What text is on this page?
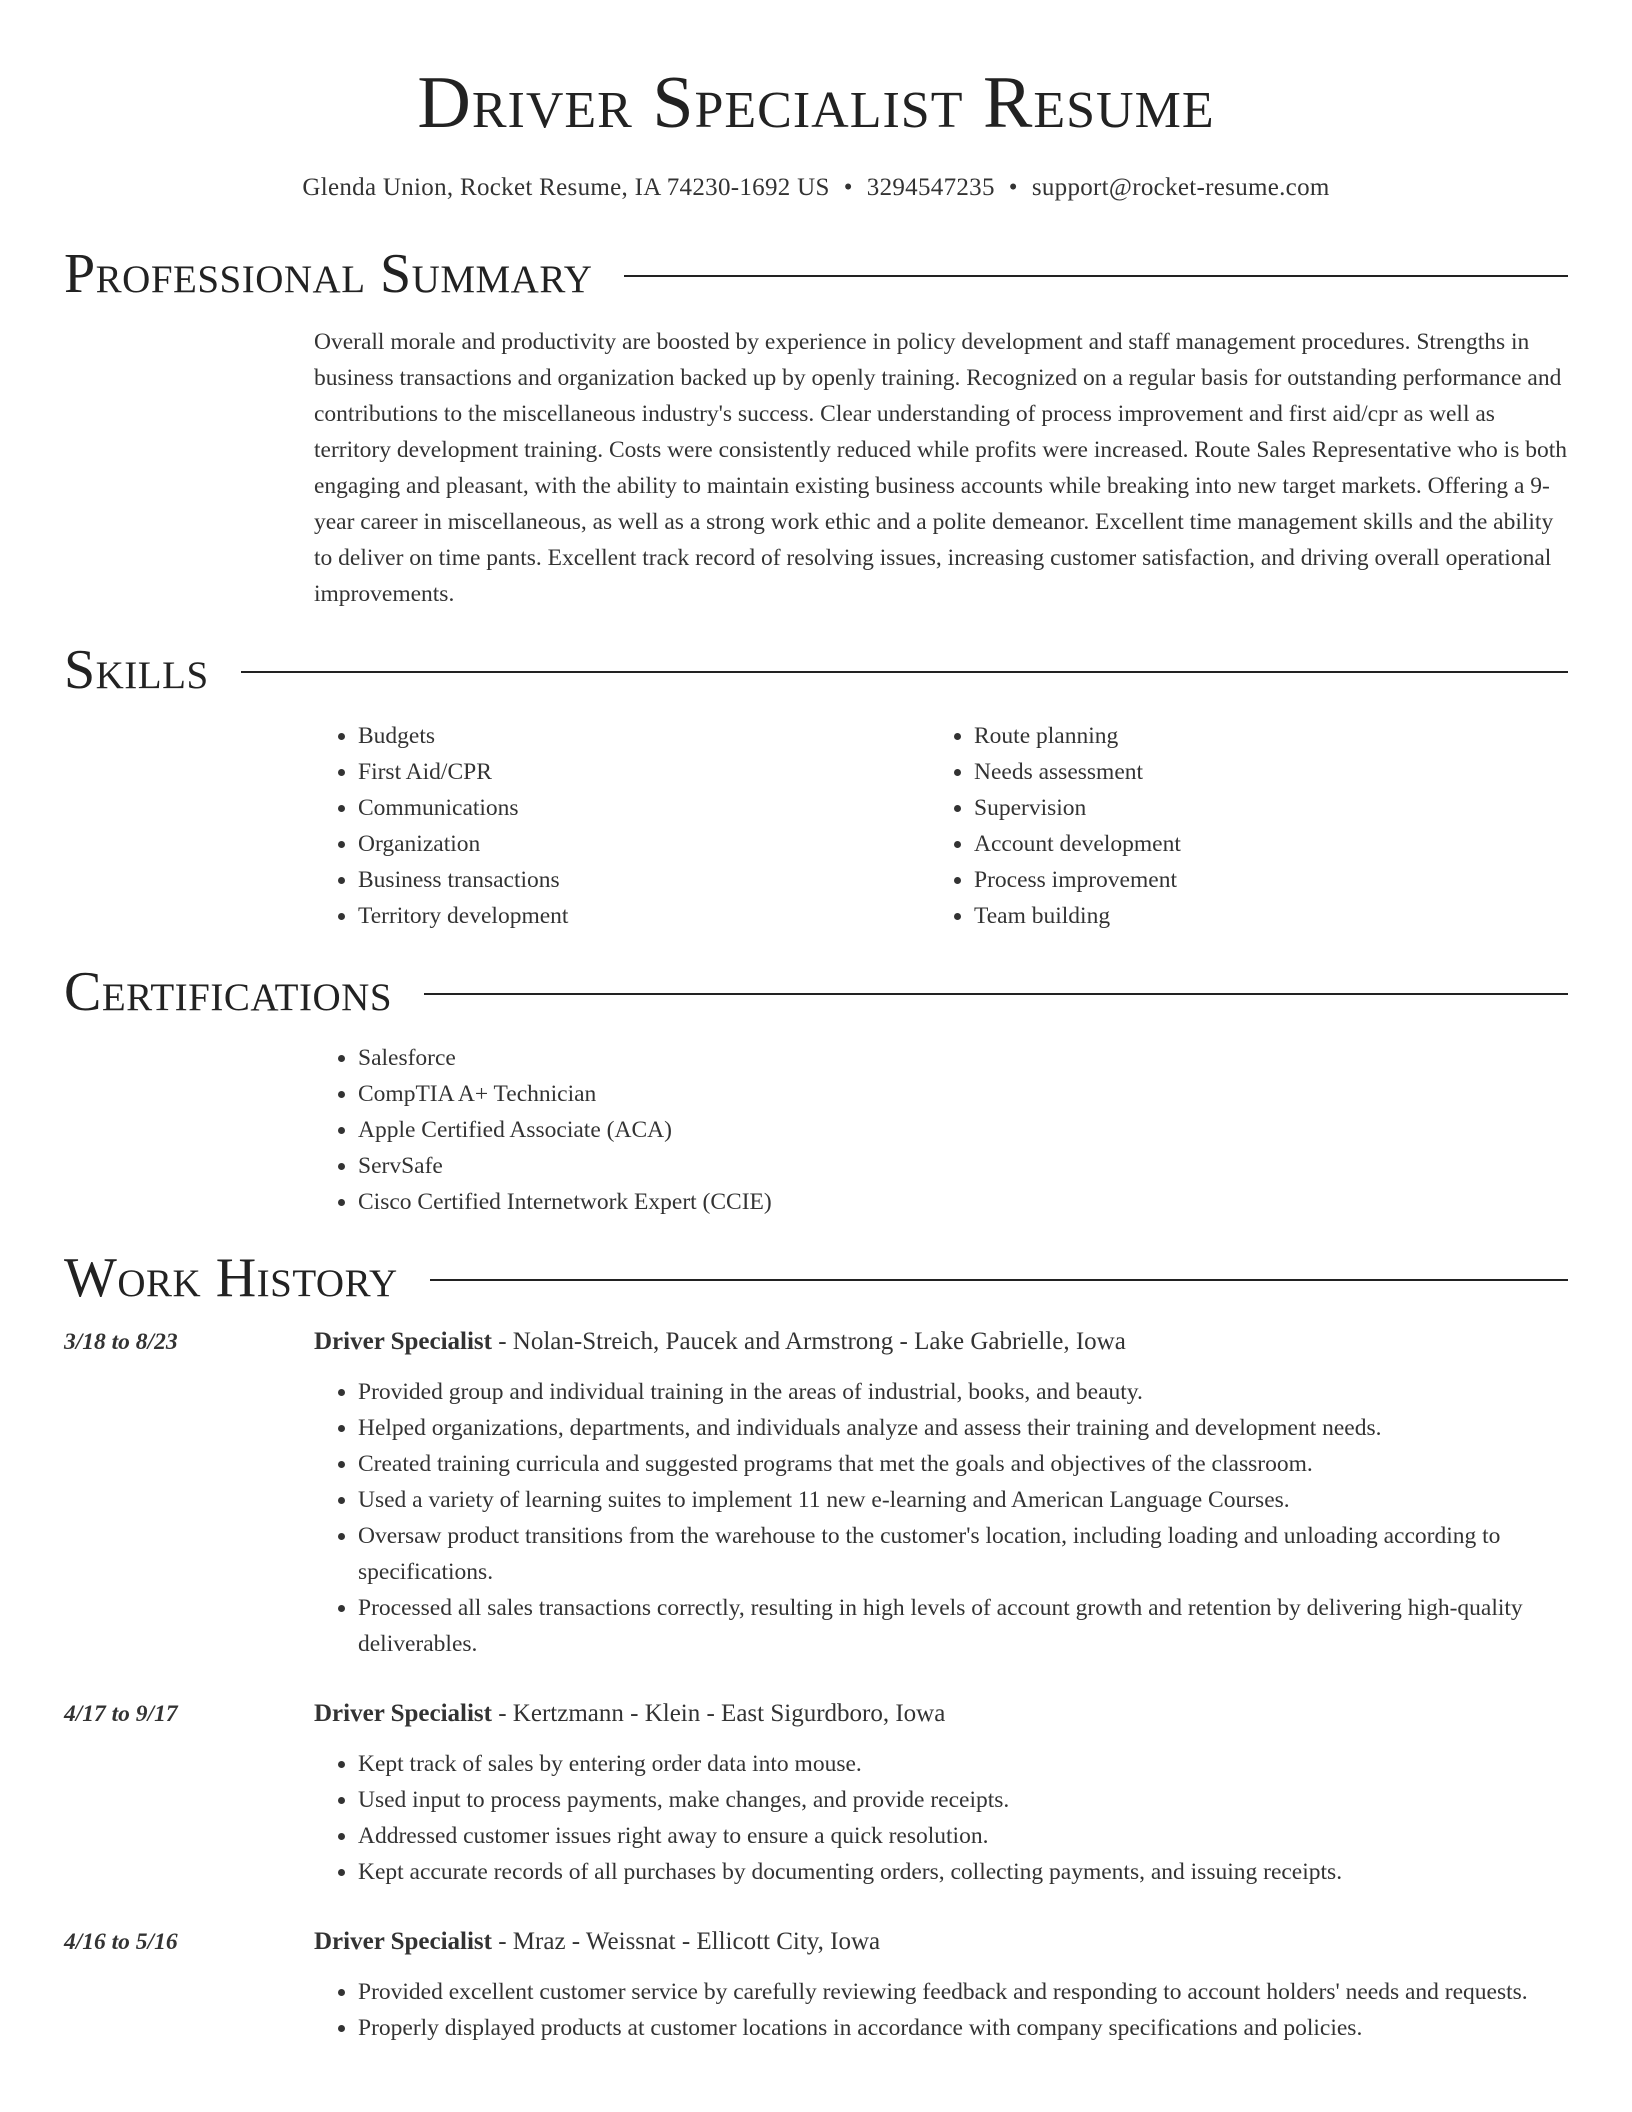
Driver Specialist Resume
Glenda Union, Rocket Resume, IA 74230-1692 US • 3294547235 • support@rocket-resume.com
Professional Summary

Overall morale and productivity are boosted by experience in policy development and staff management procedures. Strengths in business transactions and organization backed up by openly training. Recognized on a regular basis for outstanding performance and contributions to the miscellaneous industry's success. Clear understanding of process improvement and first aid/cpr as well as territory development training. Costs were consistently reduced while profits were increased. Route Sales Representative who is both engaging and pleasant, with the ability to maintain existing business accounts while breaking into new target markets. Offering a 9-year career in miscellaneous, as well as a strong work ethic and a polite demeanor. Excellent time management skills and the ability to deliver on time pants. Excellent track record of resolving issues, increasing customer satisfaction, and driving overall operational improvements.

Skills
• Budgets
• First Aid/CPR
• Communications
• Organization
• Business transactions
• Territory development
• Route planning
• Needs assessment
• Supervision
• Account development
• Process improvement
• Team building
Certifications
• Salesforce
• CompTIA A+ Technician
• Apple Certified Associate (ACA)
• ServSafe
• Cisco Certified Internetwork Expert (CCIE)
Work History
3/18 to 8/23	Driver Specialist - Nolan-Streich, Paucek and Armstrong - Lake Gabrielle, Iowa
• Provided group and individual training in the areas of industrial, books, and beauty.
• Helped organizations, departments, and individuals analyze and assess their training and development needs.
• Created training curricula and suggested programs that met the goals and objectives of the classroom.
• Used a variety of learning suites to implement 11 new e-learning and American Language Courses.
• Oversaw product transitions from the warehouse to the customer's location, including loading and unloading according to specifications.
• Processed all sales transactions correctly, resulting in high levels of account growth and retention by delivering high-quality deliverables.
4/17 to 9/17	Driver Specialist - Kertzmann - Klein - East Sigurdboro, Iowa
• Kept track of sales by entering order data into mouse.
• Used input to process payments, make changes, and provide receipts.
• Addressed customer issues right away to ensure a quick resolution.
• Kept accurate records of all purchases by documenting orders, collecting payments, and issuing receipts.
4/16 to 5/16	Driver Specialist - Mraz - Weissnat - Ellicott City, Iowa
• Provided excellent customer service by carefully reviewing feedback and responding to account holders' needs and requests.
• Properly displayed products at customer locations in accordance with company specifications and policies.
